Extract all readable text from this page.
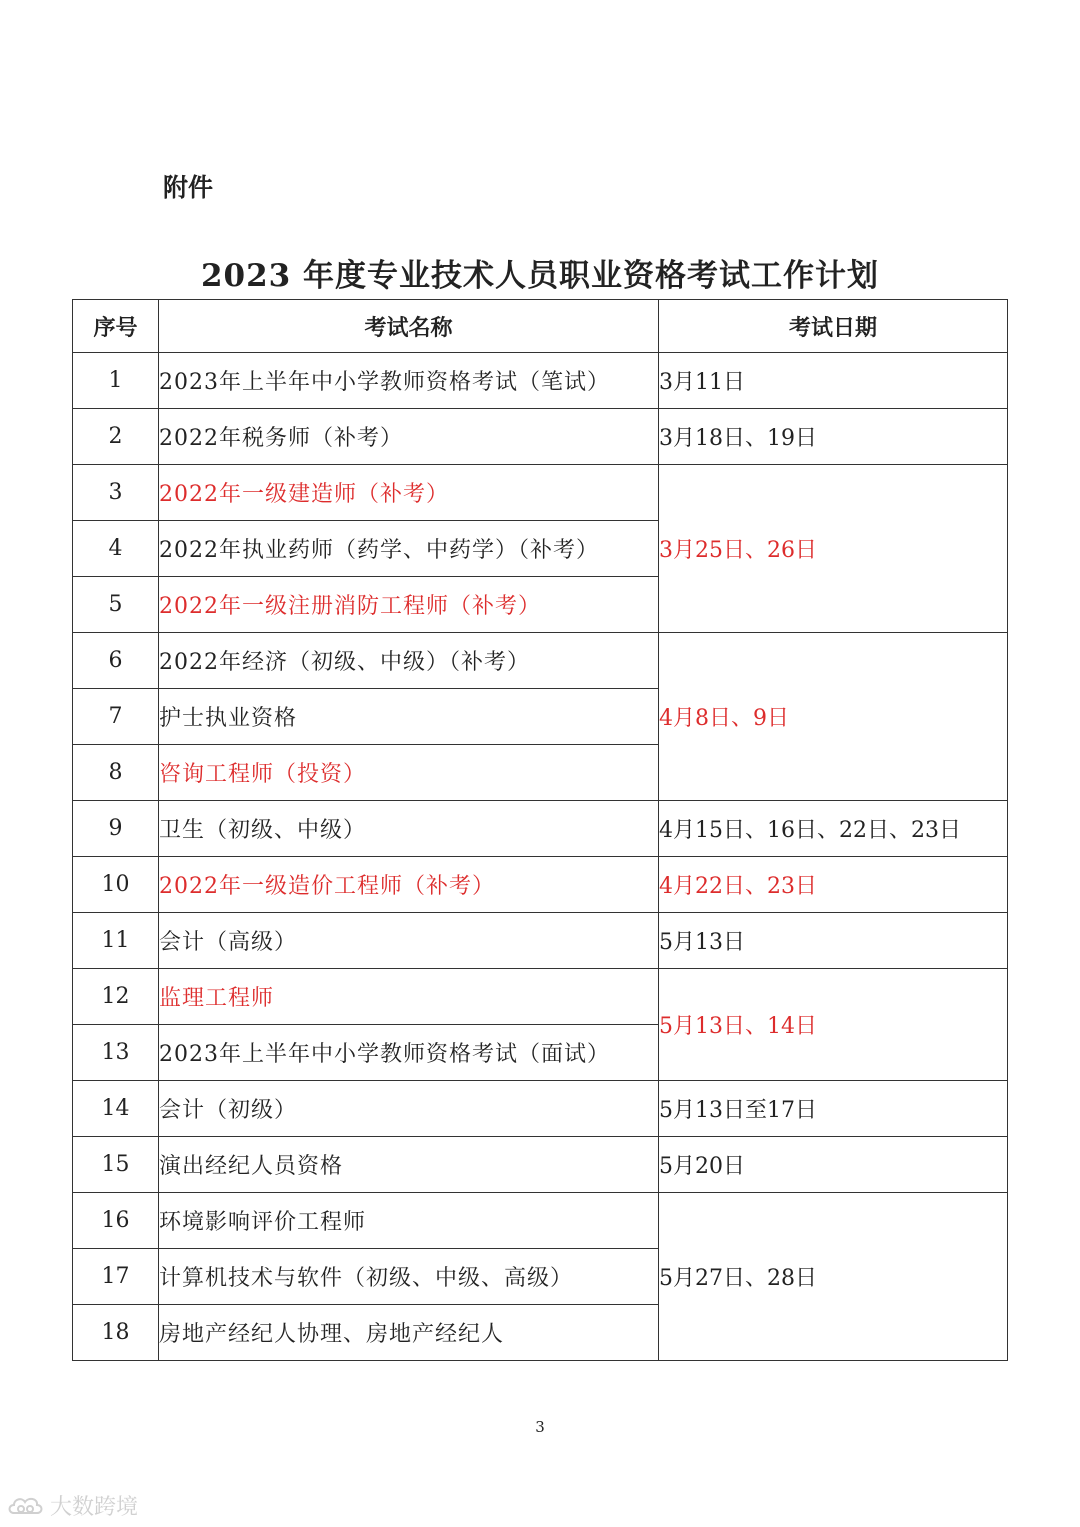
附件
2023 年度专业技术人员职业资格考试工作计划
序号	考试名称	考试日期
1	2023年上半年中小学教师资格考试（笔试）	3月11日
2	2022年税务师（补考）	3月18日、19日
3	2022年一级建造师（补考）	3月25日、26日
4	2022年执业药师（药学、中药学）（补考）	
5	2022年一级注册消防工程师（补考）	
6	2022年经济（初级、中级）（补考）	4月8日、9日
7	护士执业资格	
8	咨询工程师（投资）	
9	卫生（初级、中级）	4月15日、16日、22日、23日
10	2022年一级造价工程师（补考）	4月22日、23日
11	会计（高级）	5月13日
12	监理工程师	5月13日、14日
13	2023年上半年中小学教师资格考试（面试）	
14	会计（初级）	5月13日至17日
15	演出经纪人员资格	5月20日
16	环境影响评价工程师	5月27日、28日
17	计算机技术与软件（初级、中级、高级）	
18	房地产经纪人协理、房地产经纪人	
3
大数跨境
